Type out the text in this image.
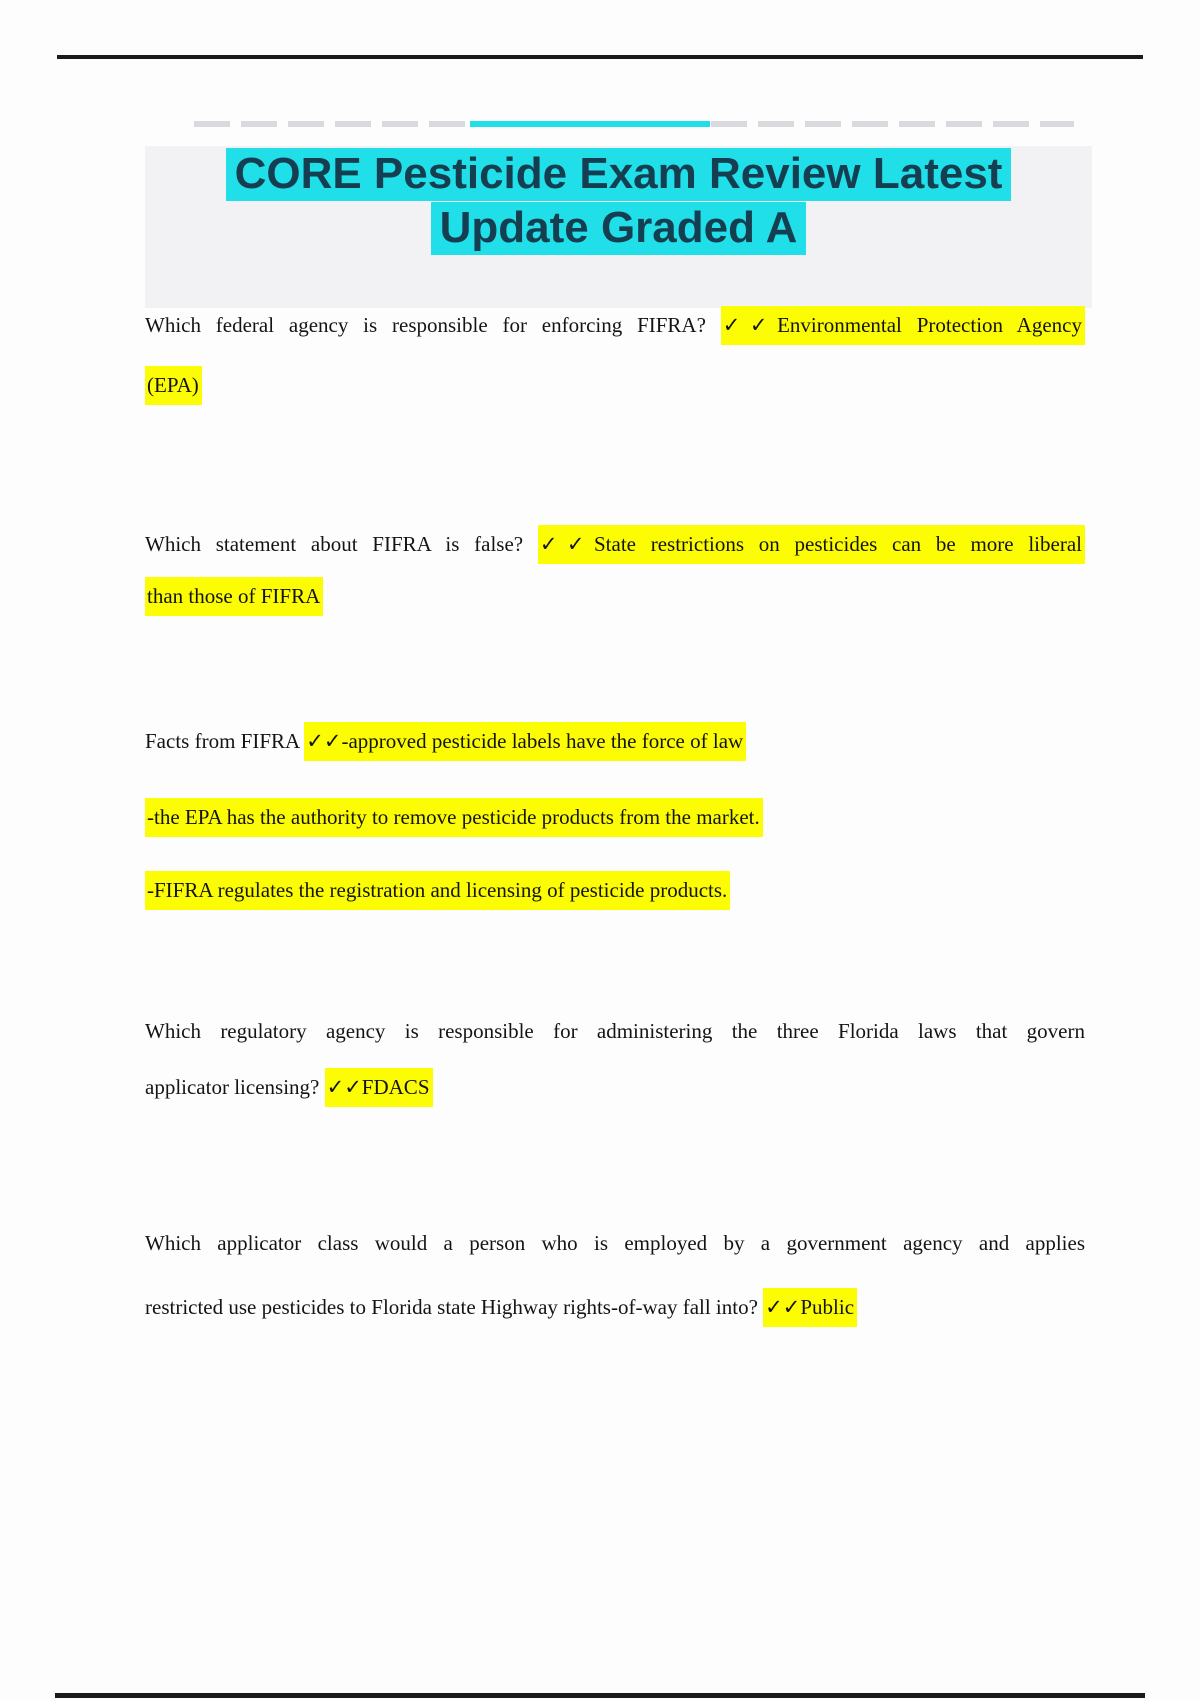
CORE Pesticide Exam Review Latest
Update Graded A
Which federal agency is responsible for enforcing FIFRA? ✓✓Environmental Protection Agency
(EPA)
Which statement about FIFRA is false? ✓✓State restrictions on pesticides can be more liberal
than those of FIFRA
Facts from FIFRA ✓✓-approved pesticide labels have the force of law
-the EPA has the authority to remove pesticide products from the market.
-FIFRA regulates the registration and licensing of pesticide products.
Which regulatory agency is responsible for administering the three Florida laws that govern
applicator licensing? ✓✓FDACS
Which applicator class would a person who is employed by a government agency and applies
restricted use pesticides to Florida state Highway rights-of-way fall into? ✓✓Public
